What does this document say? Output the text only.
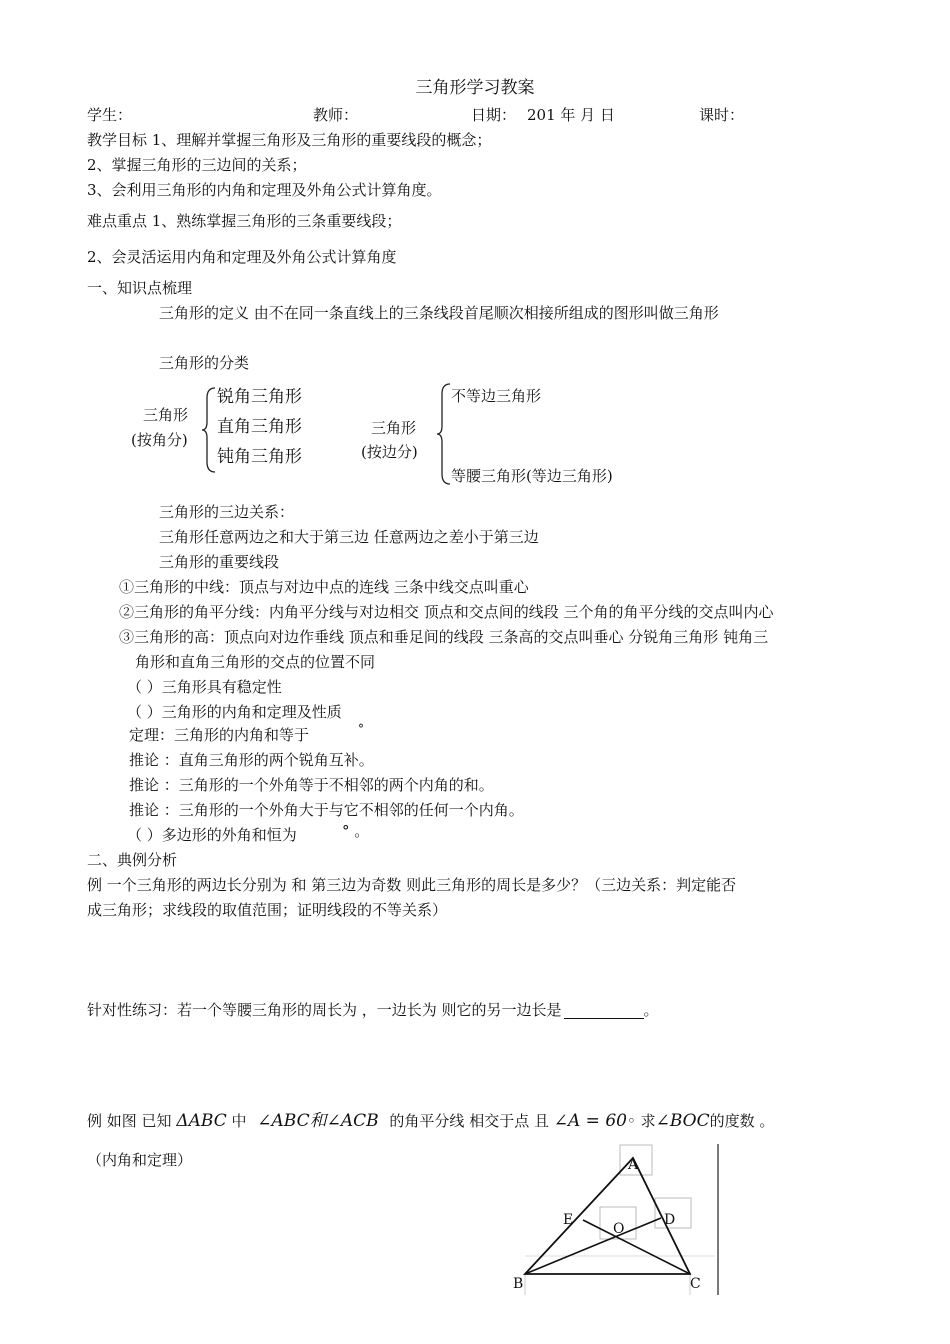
三角形学习教案
学生：	教师：	日期： 201 年 月 日	课时：
教学目标 1、理解并掌握三角形及三角形的重要线段的概念；
2、掌握三角形的三边间的关系；
3、会利用三角形的内角和定理及外角公式计算角度。
难点重点 1、熟练掌握三角形的三条重要线段；
2、会灵活运用内角和定理及外角公式计算角度
一、知识点梳理
三角形的定义 由不在同一条直线上的三条线段首尾顺次相接所组成的图形叫做三角形
三角形的分类
三角形
(按角分)
锐角三角形
直角三角形
钝角三角形
三角形
(按边分)
不等边三角形
等腰三角形(等边三角形)
三角形的三边关系：
三角形任意两边之和大于第三边 任意两边之差小于第三边
三角形的重要线段
①三角形的中线：顶点与对边中点的连线 三条中线交点叫重心
②三角形的角平分线：内角平分线与对边相交 顶点和交点间的线段 三个角的角平分线的交点叫内心
③三角形的高：顶点向对边作垂线 顶点和垂足间的线段 三条高的交点叫垂心 分锐角三角形 钝角三
角形和直角三角形的交点的位置不同
（ ）三角形具有稳定性
（ ）三角形的内角和定理及性质
定理：三角形的内角和等于	°
推论 ：直角三角形的两个锐角互补。
推论 ：三角形的一个外角等于不相邻的两个内角的和。
推论 ：三角形的一个外角大于与它不相邻的任何一个内角。
（ ）多边形的外角和恒为	° 。
二、典例分析
例 一个三角形的两边长分别为 和 第三边为奇数 则此三角形的周长是多少？（三边关系：判定能否
成三角形；求线段的取值范围；证明线段的不等关系）
针对性练习：若一个等腰三角形的周长为 ，一边长为 则它的另一边长是	。
例 如图 已知 ΔABC 中 ∠ABC和∠ACB 的角平分线 相交于点 且 ∠A = 60◦ 求∠BOC的度数 。
（内角和定理）	A
B	C
D
E
O
